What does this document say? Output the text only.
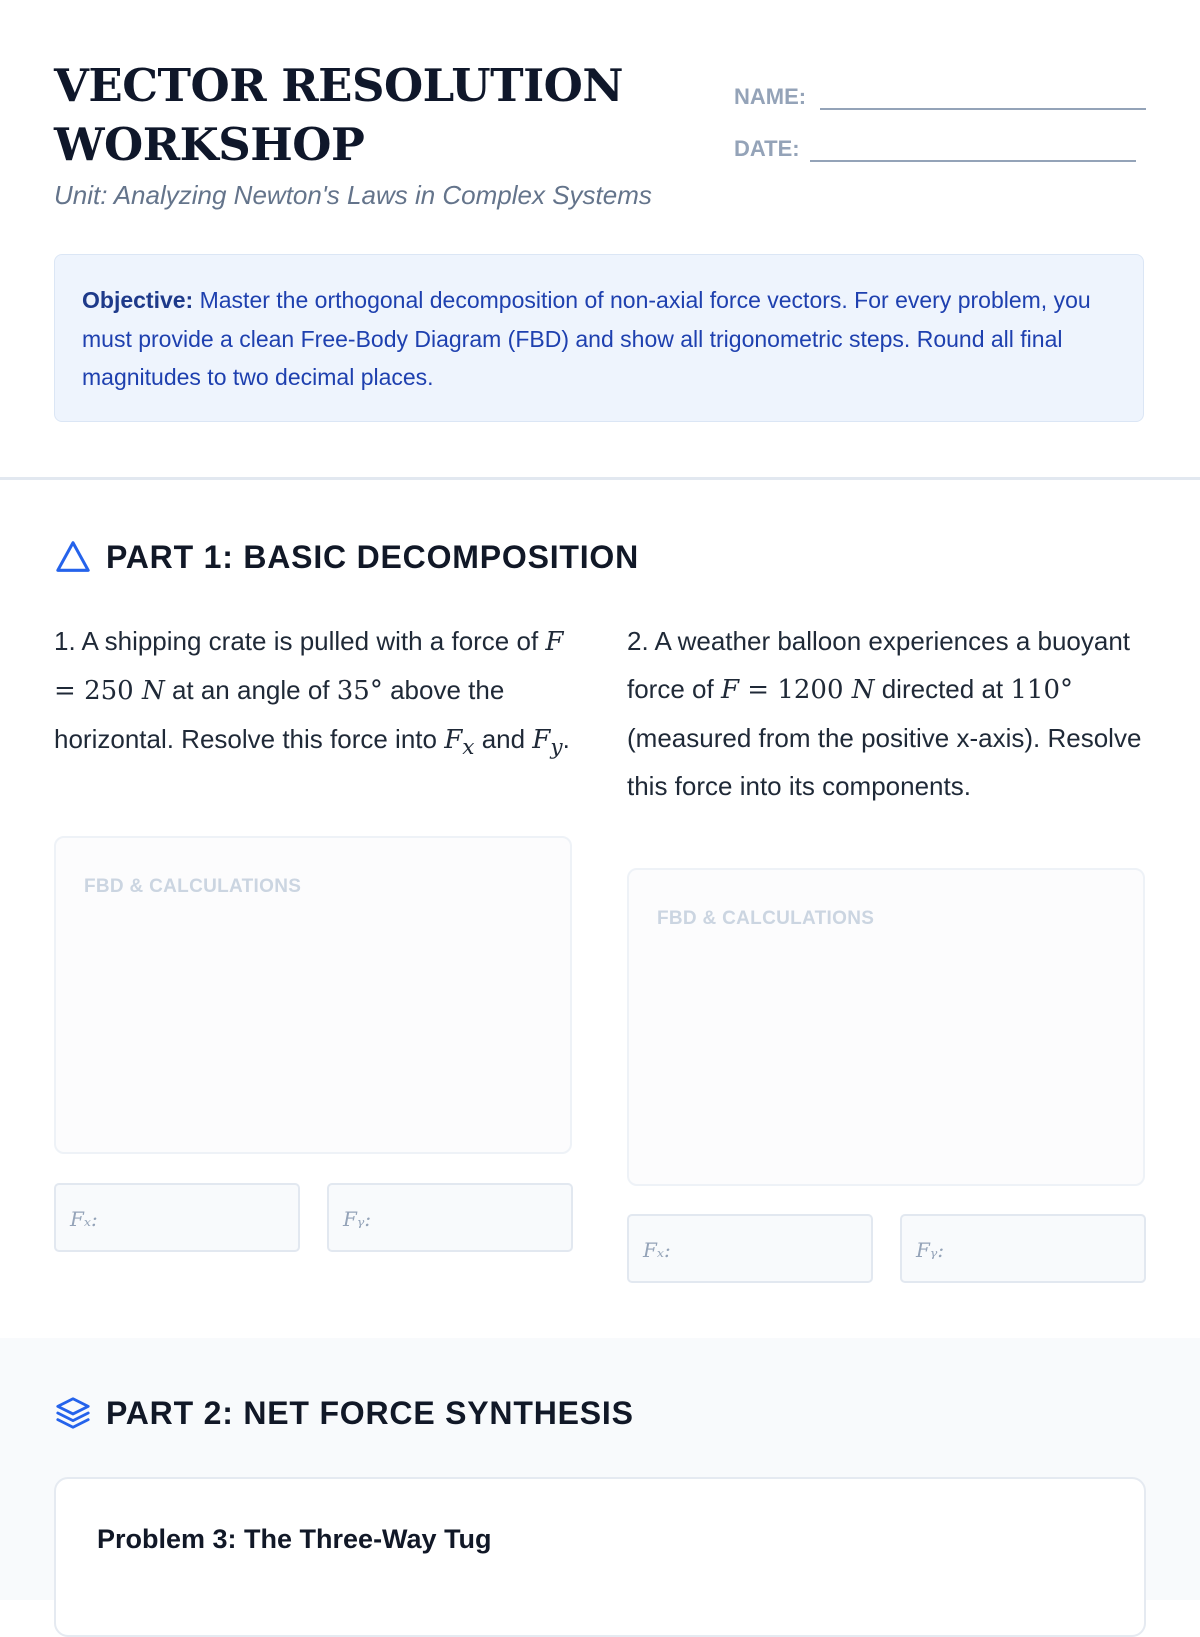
VECTOR RESOLUTION WORKSHOP
Unit: Analyzing Newton's Laws in Complex Systems
NAME:
DATE:
Objective: Master the orthogonal decomposition of non-axial force vectors. For every problem, you must provide a clean Free-Body Diagram (FBD) and show all trigonometric steps. Round all final magnitudes to two decimal places.
PART 1: BASIC DECOMPOSITION
1. A shipping crate is pulled with a force of F = 250 N at an angle of 35° above the horizontal. Resolve this force into $F_x$ and $F_y$.
2. A weather balloon experiences a buoyant force of F = 1200 N directed at 110° (measured from the positive x-axis). Resolve this force into its components.
FBD & CALCULATIONS
FBD & CALCULATIONS
Fₓ:	Fᵧ:
Fₓ:	Fᵧ:
PART 2: NET FORCE SYNTHESIS
Problem 3: The Three-Way Tug
